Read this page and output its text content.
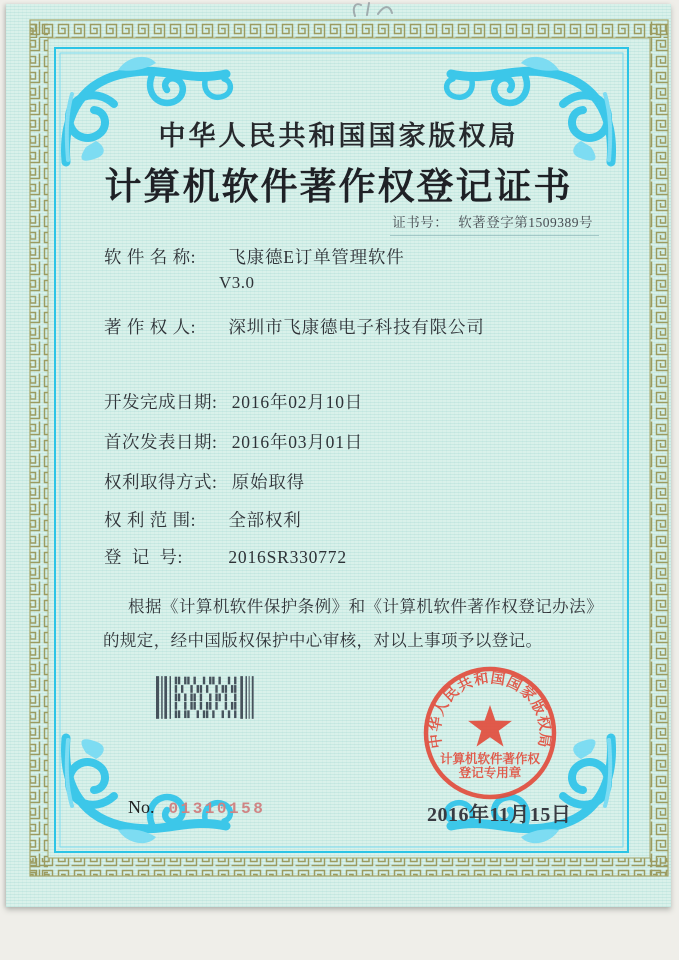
中华人民共和国国家版权局
计算机软件著作权登记证书
证书号： 软著登字第1509389号
软 件 名 称: 飞康德E订单管理软件
V3.0
著 作 权 人: 深圳市飞康德电子科技有限公司
开发完成日期: 2016年02月10日
首次发表日期: 2016年03月01日
权利取得方式: 原始取得
权 利 范 围: 全部权利
登  记  号:	2016SR330772
根据《计算机软件保护条例》和《计算机软件著作权登记办法》的规定，经中国版权保护中心审核，对以上事项予以登记。
No. 01310158	2016年11月15日
中华人民共和国国家版权局
计算机软件著作权
登记专用章
